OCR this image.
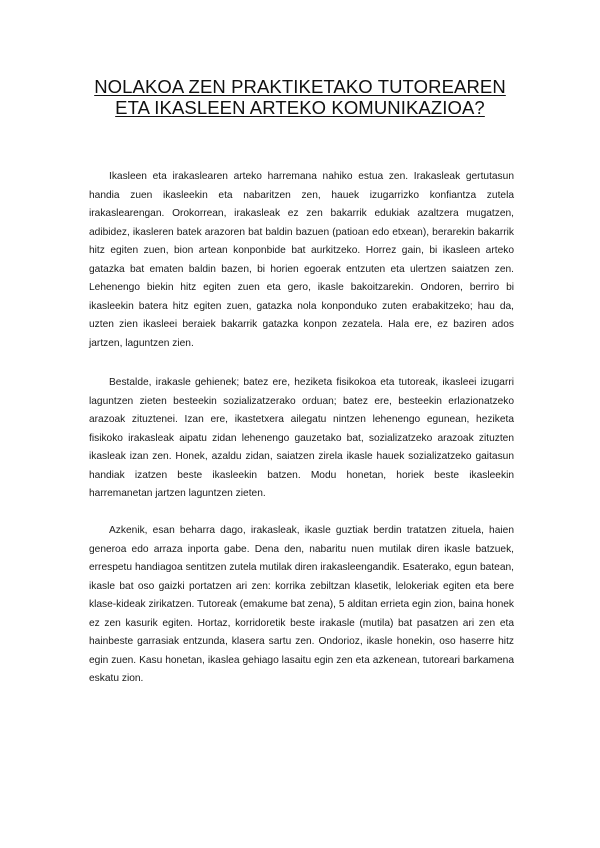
NOLAKOA ZEN PRAKTIKETAKO TUTOREAREN ETA IKASLEEN ARTEKO KOMUNIKAZIOA?

Ikasleen eta irakaslearen arteko harremana nahiko estua zen. Irakasleak gertutasun handia zuen ikasleekin eta nabaritzen zen, hauek izugarrizko konfiantza zutela irakaslearengan. Orokorrean, irakasleak ez zen bakarrik edukiak azaltzera mugatzen, adibidez, ikasleren batek arazoren bat baldin bazuen (patioan edo etxean), berarekin bakarrik hitz egiten zuen, bion artean konponbide bat aurkitzeko. Horrez gain, bi ikasleen arteko gatazka bat ematen baldin bazen, bi horien egoerak entzuten eta ulertzen saiatzen zen. Lehenengo biekin hitz egiten zuen eta gero, ikasle bakoitzarekin. Ondoren, berriro bi ikasleekin batera hitz egiten zuen, gatazka nola konponduko zuten erabakitzeko; hau da, uzten zien ikasleei beraiek bakarrik gatazka konpon zezatela. Hala ere, ez baziren ados jartzen, laguntzen zien.

Bestalde, irakasle gehienek; batez ere, heziketa fisikokoa eta tutoreak, ikasleei izugarri laguntzen zieten besteekin sozializatzerako orduan; batez ere, besteekin erlazionatzeko arazoak zituztenei. Izan ere, ikastetxera ailegatu nintzen lehenengo egunean, heziketa fisikoko irakasleak aipatu zidan lehenengo gauzetako bat, sozializatzeko arazoak zituzten ikasleak izan zen. Honek, azaldu zidan, saiatzen zirela ikasle hauek sozializatzeko gaitasun handiak izatzen beste ikasleekin batzen. Modu honetan, horiek beste ikasleekin harremanetan jartzen laguntzen zieten.

Azkenik, esan beharra dago, irakasleak, ikasle guztiak berdin tratatzen zituela, haien generoa edo arraza inporta gabe. Dena den, nabaritu nuen mutilak diren ikasle batzuek, errespetu handiagoa sentitzen zutela mutilak diren irakasleengandik. Esaterako, egun batean, ikasle bat oso gaizki portatzen ari zen: korrika zebiltzan klasetik, lelokeriak egiten eta bere klase-kideak zirikatzen. Tutoreak (emakume bat zena), 5 alditan errieta egin zion, baina honek ez zen kasurik egiten. Hortaz, korridoretik beste irakasle (mutila) bat pasatzen ari zen eta hainbeste garrasiak entzunda, klasera sartu zen. Ondorioz, ikasle honekin, oso haserre hitz egin zuen. Kasu honetan, ikaslea gehiago lasaitu egin zen eta azkenean, tutoreari barkamena eskatu zion.
